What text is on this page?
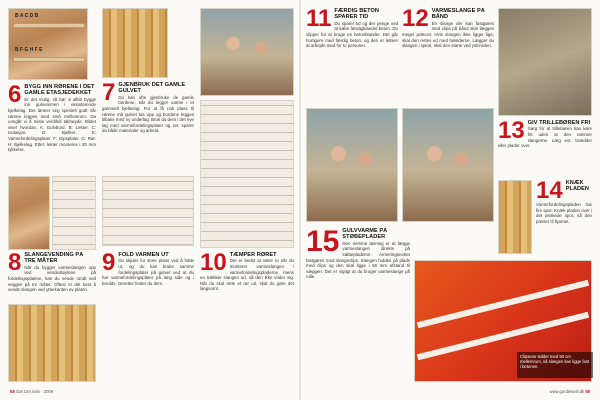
B A C D B
B F G H F E
6 BYGG INN RØRENE I DET GAMLE ETASJEDEKKET
Er det mulig, så bør vi alltid bygge inn gulvvarmen i eksisterende bjelkelag. Det lønner seg spesielt godt når rørene legges med små mellomrom. Da unngår vi å miste verdifull takhøyde. Bildet viser hvordan. A: Gulvbord. B: Lekter. C: Isolasjon. D: Bjelker. E: Varmefordelingsplater. F: Gipsplater. G: Rør. H: Bjelkelag. Etter: lekter monteres i 20 mm tykkelse.
8 SLANGEVENDING PÅ TRE MÅTER
Når du bygger varmeslangen opp ved vendesløyfene på fordelingsplatene, kan du vende rundt ved veggen på tre måter. Oftest er det best å vende slangen ved ytterkanten av platen.
7 GJENBRUK DET GAMLE GULVET
Du kan ofte gjenbruke de gamle bordene, når du legger varme i et gammelt bjelkelag. For at få nok plass til rørene må gulvet tas opp og bordene legges tilbake med ny underlag. Bruk du dem i det nye lag med varmefordelingsplater og rør, sparer du både materialer og arbeid.
9 FOLD VARMEN UT
Du skjuler for store plater ved å folde ut, og du kan bruke samme fordelingsplater på gulvet ved at du har varmefordelingsplater på lang side og i bredde. Deretter fester du dem.
10 TÆMPER RØRET
Det er bedst at være to når du monterer varmeslangen i varmefordelingspladerne, mens en trækker slangen ud, så den ikke vrider sig. Når du skal rette et rør ud, skal du gøre det langsomt.
58 Gør Det Selv · 2009
11 FÆRDIG BETON SPARER TID
Du sparer tid og der penge ved at købe færdigblandet beton. Du slipper for at bruge en betonblander. Det går hurtigere med færdig beton, og den er lettere at arbejde med for to personer.
12 VARMESLANGE PÅ BÅND
En slange der kan fastgøres med clips på bånd skal lægges meget præcist. Hvis slangen ikke ligger lige, skal den rettes ud med hænderne. Lægger du slangen i spiral, skal den starte ved ydersiden.
13 GIV TRILLEBØREN FRI
Sørg for at trillebøren kan køre frit uden at den rammer slangerne. Læg evt. brædder eller plader over.
14 KNÆK PLADEN
Varmefordelingspladen har fire spor. Knæk pladen over i det ønskede spor, så den passer til hjørnet.
15 GULVVARME PÅ STØBEPLADER
Den nemme løsning er at lægge varmeslangen direkte på støbepladerne. Armeringsnettet fastgøres med slangeclips. Slangen holdes på plads med clips og den skal ligge i 50 mm afstand til væggen. Det er vigtigt at du bruger varmeslange på rulle.
Clipsene sidder med 50 cm mellemrum, så slangen kan ligge fast i betonen.
www.gordetselv.dk 59
